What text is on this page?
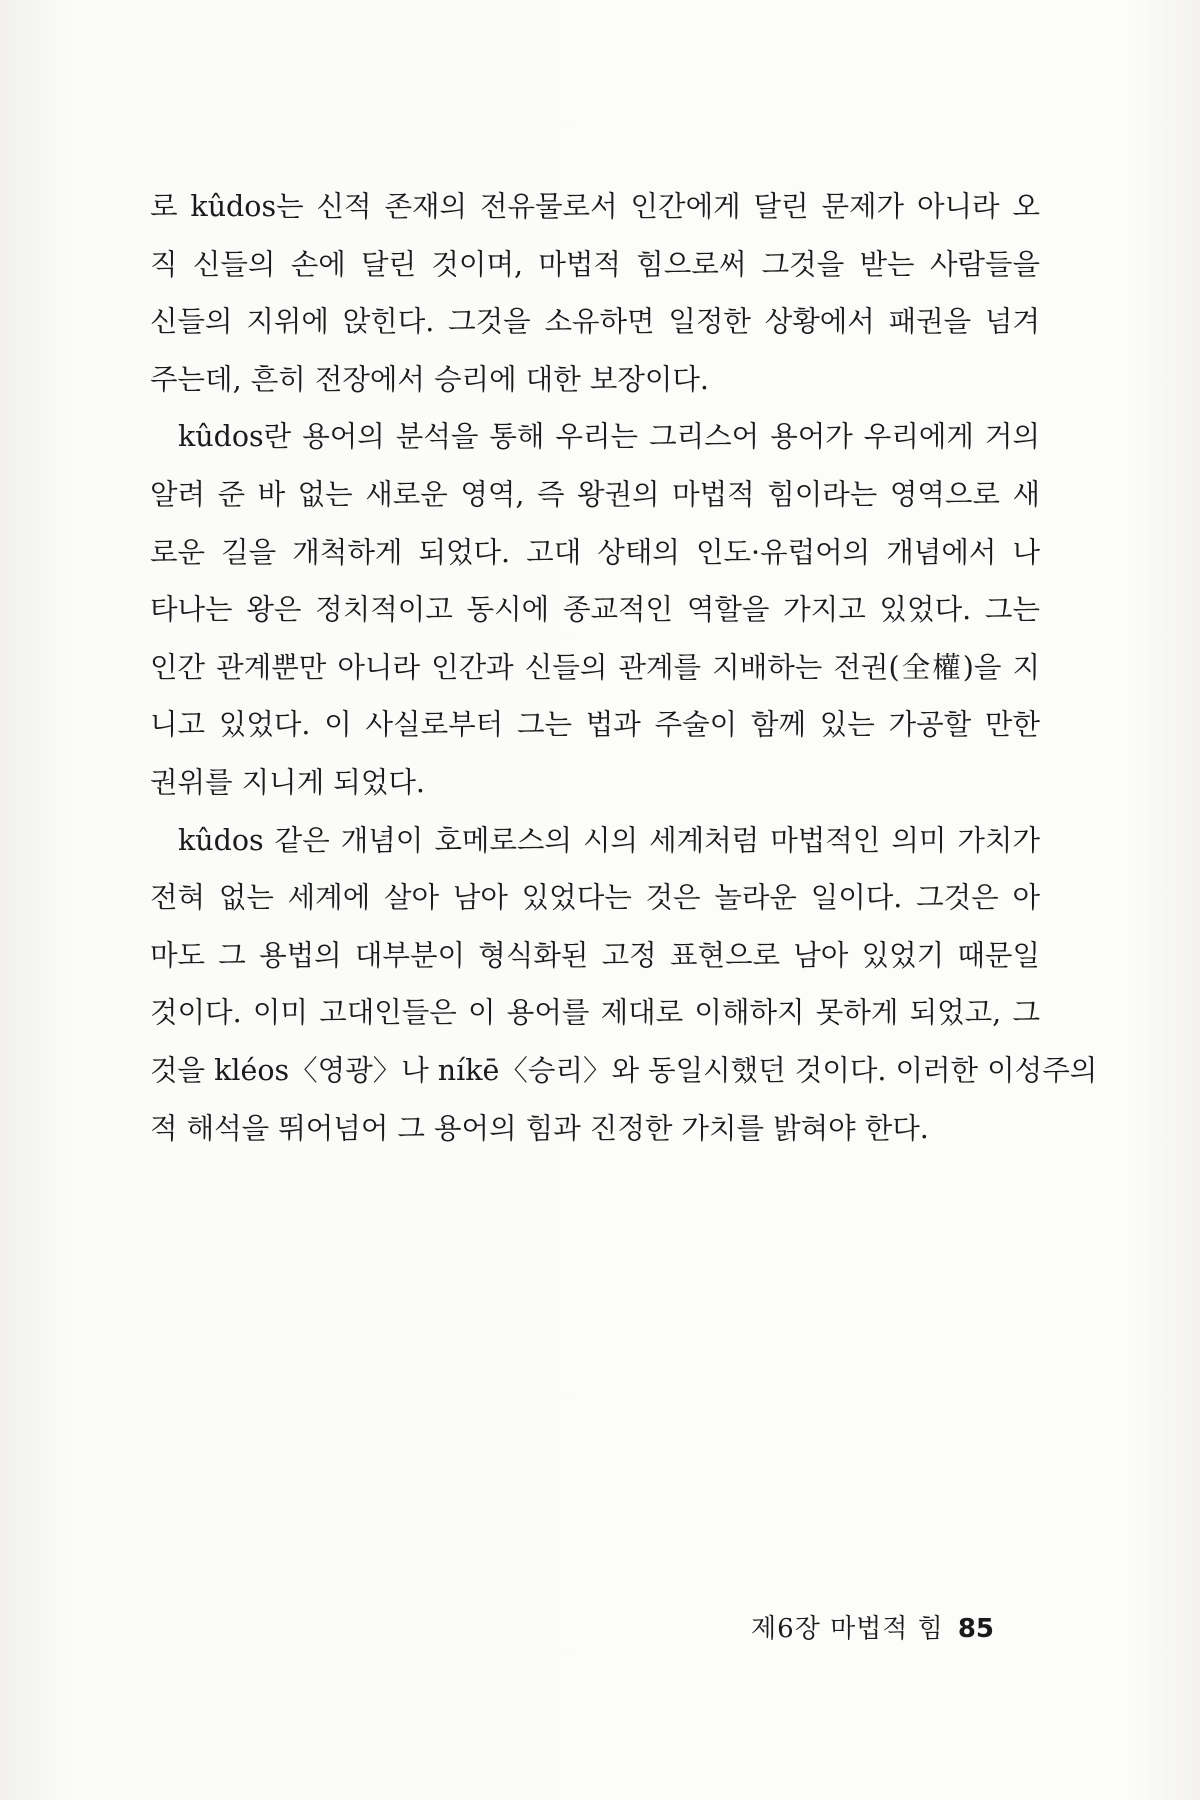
로 kûdos는 신적 존재의 전유물로서 인간에게 달린 문제가 아니라 오
직 신들의 손에 달린 것이며, 마법적 힘으로써 그것을 받는 사람들을
신들의 지위에 앉힌다. 그것을 소유하면 일정한 상황에서 패권을 넘겨
주는데, 흔히 전장에서 승리에 대한 보장이다.
kûdos란 용어의 분석을 통해 우리는 그리스어 용어가 우리에게 거의
알려 준 바 없는 새로운 영역, 즉 왕권의 마법적 힘이라는 영역으로 새
로운 길을 개척하게 되었다. 고대 상태의 인도·유럽어의 개념에서 나
타나는 왕은 정치적이고 동시에 종교적인 역할을 가지고 있었다. 그는
인간 관계뿐만 아니라 인간과 신들의 관계를 지배하는 전권(全權)을 지
니고 있었다. 이 사실로부터 그는 법과 주술이 함께 있는 가공할 만한
권위를 지니게 되었다.
kûdos 같은 개념이 호메로스의 시의 세계처럼 마법적인 의미 가치가
전혀 없는 세계에 살아 남아 있었다는 것은 놀라운 일이다. 그것은 아
마도 그 용법의 대부분이 형식화된 고정 표현으로 남아 있었기 때문일
것이다. 이미 고대인들은 이 용어를 제대로 이해하지 못하게 되었고, 그
것을 kléos〈영광〉나 níkē〈승리〉와 동일시했던 것이다. 이러한 이성주의
적 해석을 뛰어넘어 그 용어의 힘과 진정한 가치를 밝혀야 한다.
제6장 마법적 힘 85
